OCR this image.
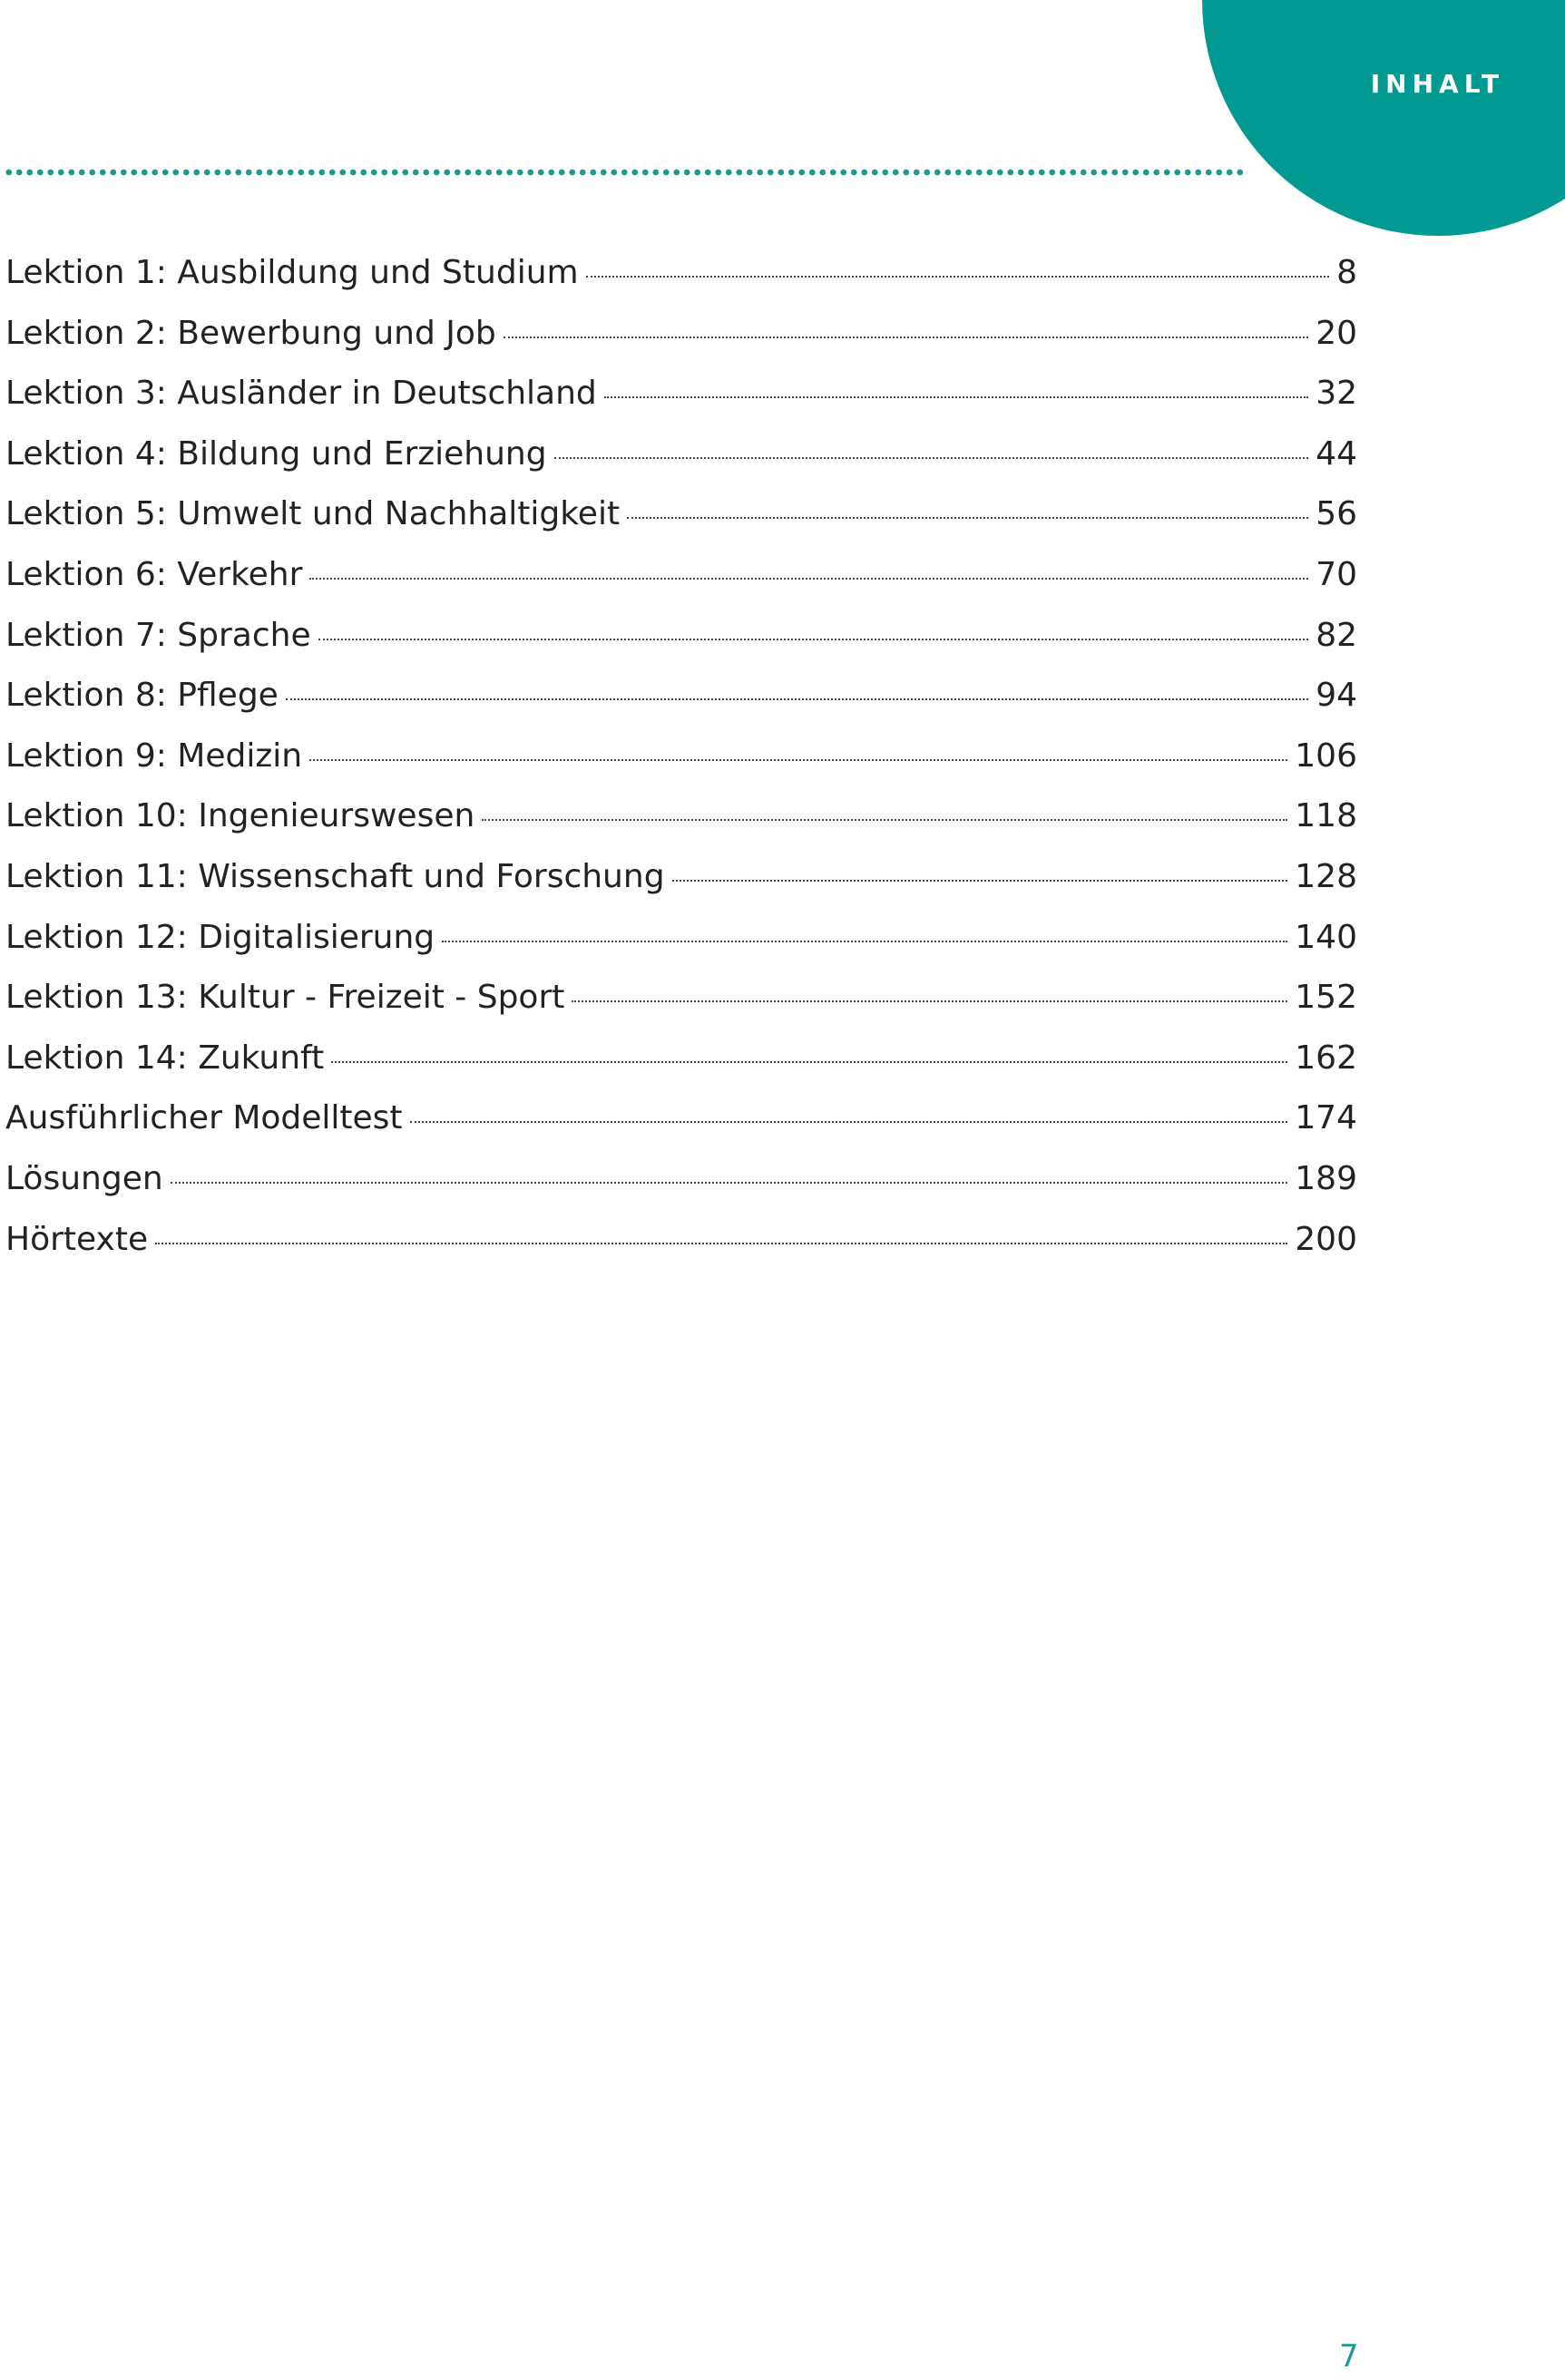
INHALT
Lektion 1: Ausbildung und Studium	8
Lektion 2: Bewerbung und Job	20
Lektion 3: Ausländer in Deutschland	32
Lektion 4: Bildung und Erziehung	44
Lektion 5: Umwelt und Nachhaltigkeit	56
Lektion 6: Verkehr	70
Lektion 7: Sprache	82
Lektion 8: Pflege	94
Lektion 9: Medizin	106
Lektion 10: Ingenieurswesen	118
Lektion 11: Wissenschaft und Forschung	128
Lektion 12: Digitalisierung	140
Lektion 13: Kultur - Freizeit - Sport	152
Lektion 14: Zukunft	162
Ausführlicher Modelltest	174
Lösungen	189
Hörtexte	200
7
